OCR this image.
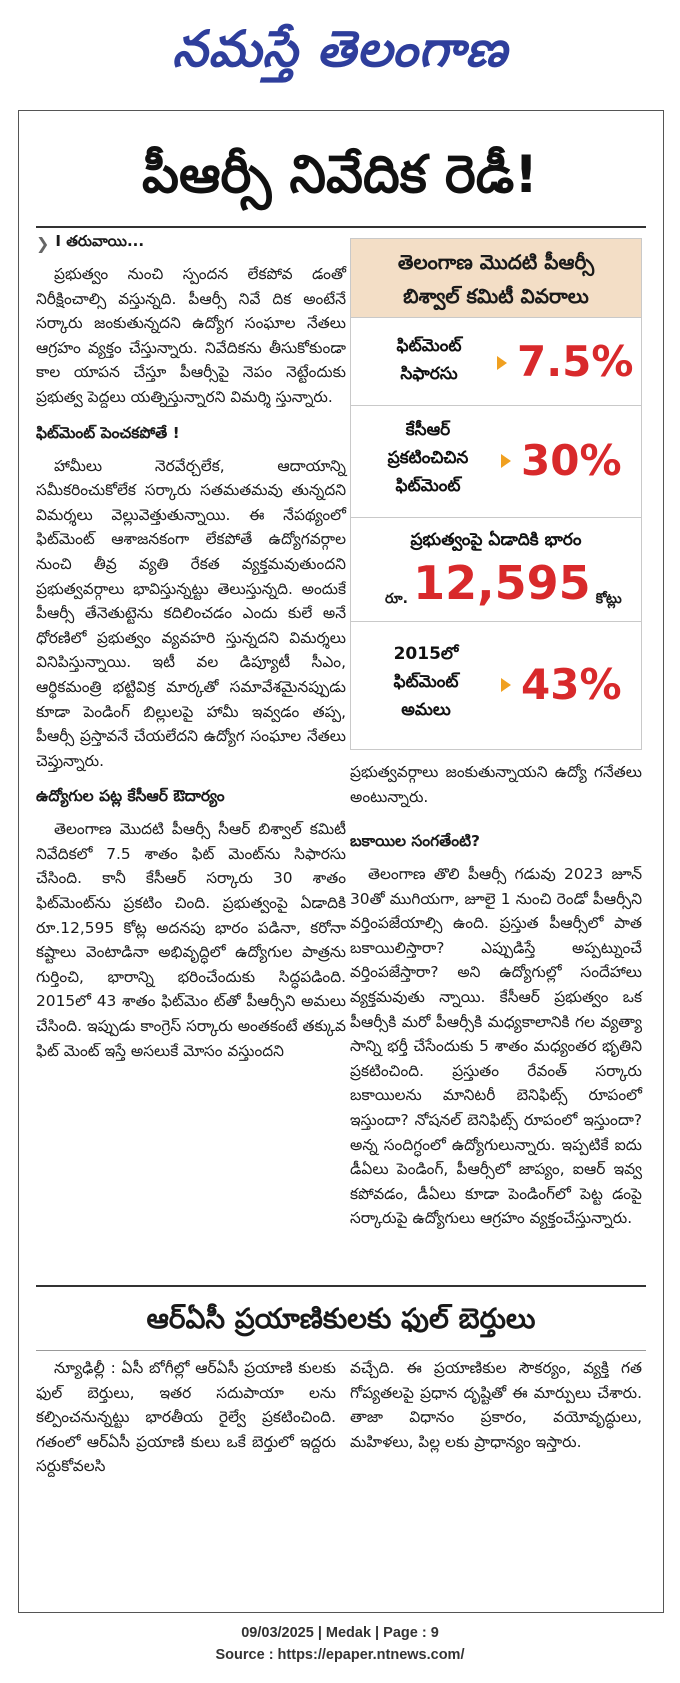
నమస్తే తెలంగాణ
పీఆర్సీ నివేదిక రెడీ!
❯ I తరువాయి...

ప్రభుత్వం నుంచి స్పందన లేకపోవ డంతో నిరీక్షించాల్సి వస్తున్నది. పీఆర్సీ నివే దిక అంటేనే సర్కారు జంకుతున్నదని ఉద్యోగ సంఘాల నేతలు ఆగ్రహం వ్యక్తం చేస్తున్నారు. నివేదికను తీసుకోకుండా కాల యాపన చేస్తూ పీఆర్సీపై నెపం నెట్టేందుకు ప్రభుత్వ పెద్దలు యత్నిస్తున్నారని విమర్శి స్తున్నారు.

ఫిట్‌మెంట్ పెంచకపోతే !

హామీలు నెరవేర్చలేక, ఆదాయాన్ని సమీకరించుకోలేక సర్కారు సతమతమవు తున్నదని విమర్శలు వెల్లువెత్తుతున్నాయి. ఈ నేపథ్యంలో ఫిట్‌మెంట్ ఆశాజనకంగా లేకపోతే ఉద్యోగవర్గాల నుంచి తీవ్ర వ్యతి రేకత వ్యక్తమవుతుందని ప్రభుత్వవర్గాలు భావిస్తున్నట్టు తెలుస్తున్నది. అందుకే పీఆర్సీ తేనెతుట్టెను కదిలించడం ఎందు కులే అనే ధోరణిలో ప్రభుత్వం వ్యవహరి స్తున్నదని విమర్శలు వినిపిస్తున్నాయి. ఇటీ వల డిప్యూటీ సీఎం, ఆర్థికమంత్రి భట్టివిక్ర మార్కతో సమావేశమైనప్పుడు కూడా పెండింగ్ బిల్లులపై హామీ ఇవ్వడం తప్ప, పీఆర్సీ ప్రస్తావనే చేయలేదని ఉద్యోగ సంఘాల నేతలు చెప్తున్నారు.

ఉద్యోగుల పట్ల కేసీఆర్ ఔదార్యం

తెలంగాణ మొదటి పీఆర్సీ సీఆర్ బిశ్వాల్ కమిటీ నివేదికలో 7.5 శాతం ఫిట్ మెంట్‌ను సిఫారసు చేసింది. కానీ కేసీఆర్ సర్కారు 30 శాతం ఫిట్‌మెంట్‌ను ప్రకటిం చింది. ప్రభుత్వంపై ఏడాదికి రూ.12,595 కోట్ల అదనపు భారం పడినా, కరోనా కష్టాలు వెంటాడినా అభివృద్ధిలో ఉద్యోగుల పాత్రను గుర్తించి, భారాన్ని భరించేందుకు సిద్ధపడింది. 2015లో 43 శాతం ఫిట్‌మెం ట్‌తో పీఆర్సీని అమలు చేసింది. ఇప్పుడు కాంగ్రెస్ సర్కారు అంతకంటే తక్కువ ఫిట్ మెంట్ ఇస్తే అసలుకే మోసం వస్తుందని

తెలంగాణ మొదటి పీఆర్సీ
బిశ్వాల్ కమిటీ వివరాలు
ఫిట్‌మెంట్
సిఫారసు	7.5%
కేసీఆర్
ప్రకటించిచిన
ఫిట్‌మెంట్
30%
ప్రభుత్వంపై ఏడాదికి భారం
రూ. 12,595 కోట్లు
2015లో
ఫిట్‌మెంట్
అమలు
43%

ప్రభుత్వవర్గాలు జంకుతున్నాయని ఉద్యో గనేతలు అంటున్నారు.

బకాయిల సంగతేంటి?

తెలంగాణ తొలి పీఆర్సీ గడువు 2023 జూన్ 30తో ముగియగా, జూలై 1 నుంచి రెండో పీఆర్సీని వర్తింపజేయాల్సి ఉంది. ప్రస్తుత పీఆర్సీలో పాత బకాయిలిస్తారా? ఎప్పుడిస్తే అప్పట్నుంచే వర్తింపజేస్తారా? అని ఉద్యోగుల్లో సందేహాలు వ్యక్తమవుతు న్నాయి. కేసీఆర్ ప్రభుత్వం ఒక పీఆర్సీకి మరో పీఆర్సీకి మధ్యకాలానికి గల వ్యత్యా సాన్ని భర్తీ చేసేందుకు 5 శాతం మధ్యంతర భృతిని ప్రకటించింది. ప్రస్తుతం రేవంత్ సర్కారు బకాయిలను మానిటరీ బెనిఫిట్స్ రూపంలో ఇస్తుందా? నోషనల్ బెనిఫిట్స్ రూపంలో ఇస్తుందా? అన్న సందిగ్ధంలో ఉద్యోగులున్నారు. ఇప్పటికే ఐదు డీఏలు పెండింగ్, పీఆర్సీలో జాప్యం, ఐఆర్ ఇవ్వ కపోవడం, డీఏలు కూడా పెండింగ్‌లో పెట్ట డంపై సర్కారుపై ఉద్యోగులు ఆగ్రహం వ్యక్తంచేస్తున్నారు.

ఆర్‌ఏసీ ప్రయాణికులకు ఫుల్ బెర్తులు

న్యూఢిల్లీ : ఏసీ బోగీల్లో ఆర్‌ఏసీ ప్రయాణి కులకు ఫుల్ బెర్తులు, ఇతర సదుపాయా లను కల్పించనున్నట్టు భారతీయ రైల్వే ప్రకటించింది. గతంలో ఆర్‌ఏసీ ప్రయాణి కులు ఒకే బెర్తులో ఇద్దరు సర్దుకోవలసి

వచ్చేది. ఈ ప్రయాణికుల సౌకర్యం, వ్యక్తి గత గోప్యతలపై ప్రధాన దృష్టితో ఈ మార్పులు చేశారు. తాజా విధానం ప్రకారం, వయోవృద్ధులు, మహిళలు, పిల్ల లకు ప్రాధాన్యం ఇస్తారు.

09/03/2025 | Medak | Page : 9
Source : https://epaper.ntnews.com/
